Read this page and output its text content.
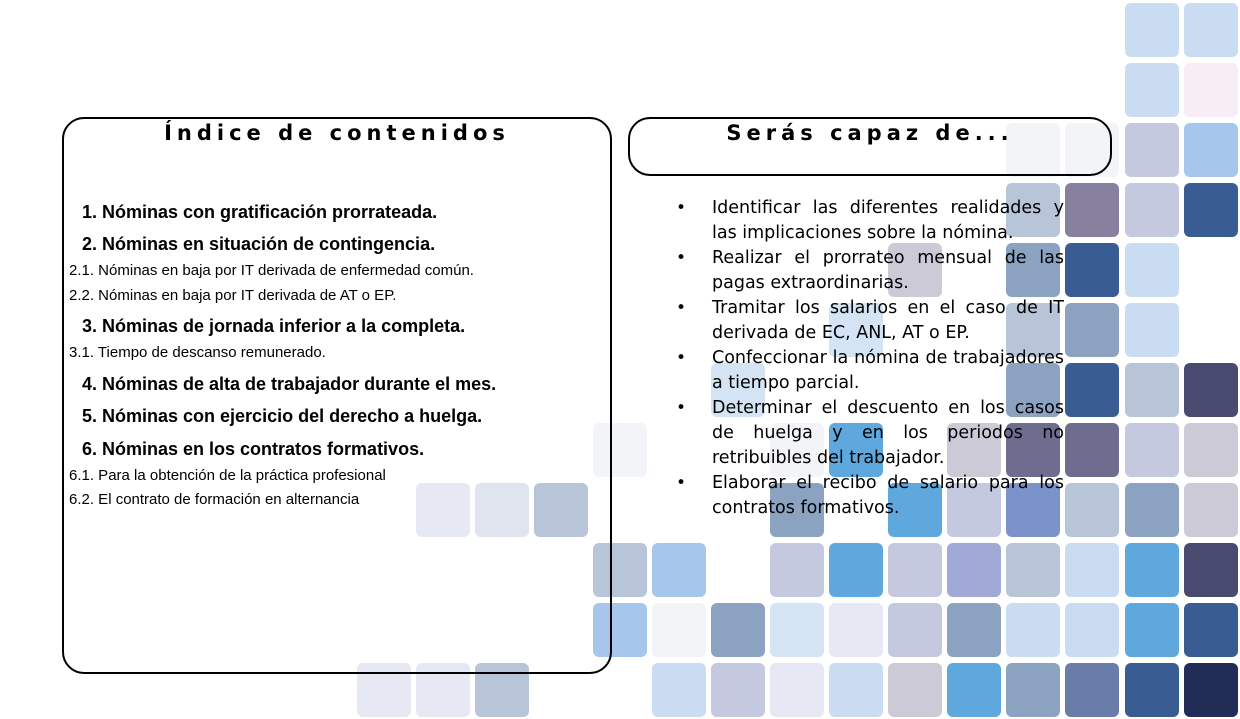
Índice de contenidos
1. Nóminas con gratificación prorrateada.
2. Nóminas en situación de contingencia.
2.1. Nóminas en baja por IT derivada de enfermedad común.
2.2. Nóminas en baja por IT derivada de AT o EP.
3. Nóminas de jornada inferior a la completa.
3.1. Tiempo de descanso remunerado.
4. Nóminas de alta de trabajador durante el mes.
5. Nóminas con ejercicio del derecho a huelga.
6. Nóminas en los contratos formativos.
6.1. Para la obtención de la práctica profesional
6.2. El contrato de formación en alternancia
Serás capaz de...
• Identificar las diferentes realidades y las implicaciones sobre la nómina.
• Realizar el prorrateo mensual de las pagas extraordinarias.
• Tramitar los salarios en el caso de IT derivada de EC, ANL, AT o EP.
• Confeccionar la nómina de trabajadores a tiempo parcial.
• Determinar el descuento en los casos de huelga y en los periodos no retribuibles del trabajador.
• Elaborar el recibo de salario para los contratos formativos.
